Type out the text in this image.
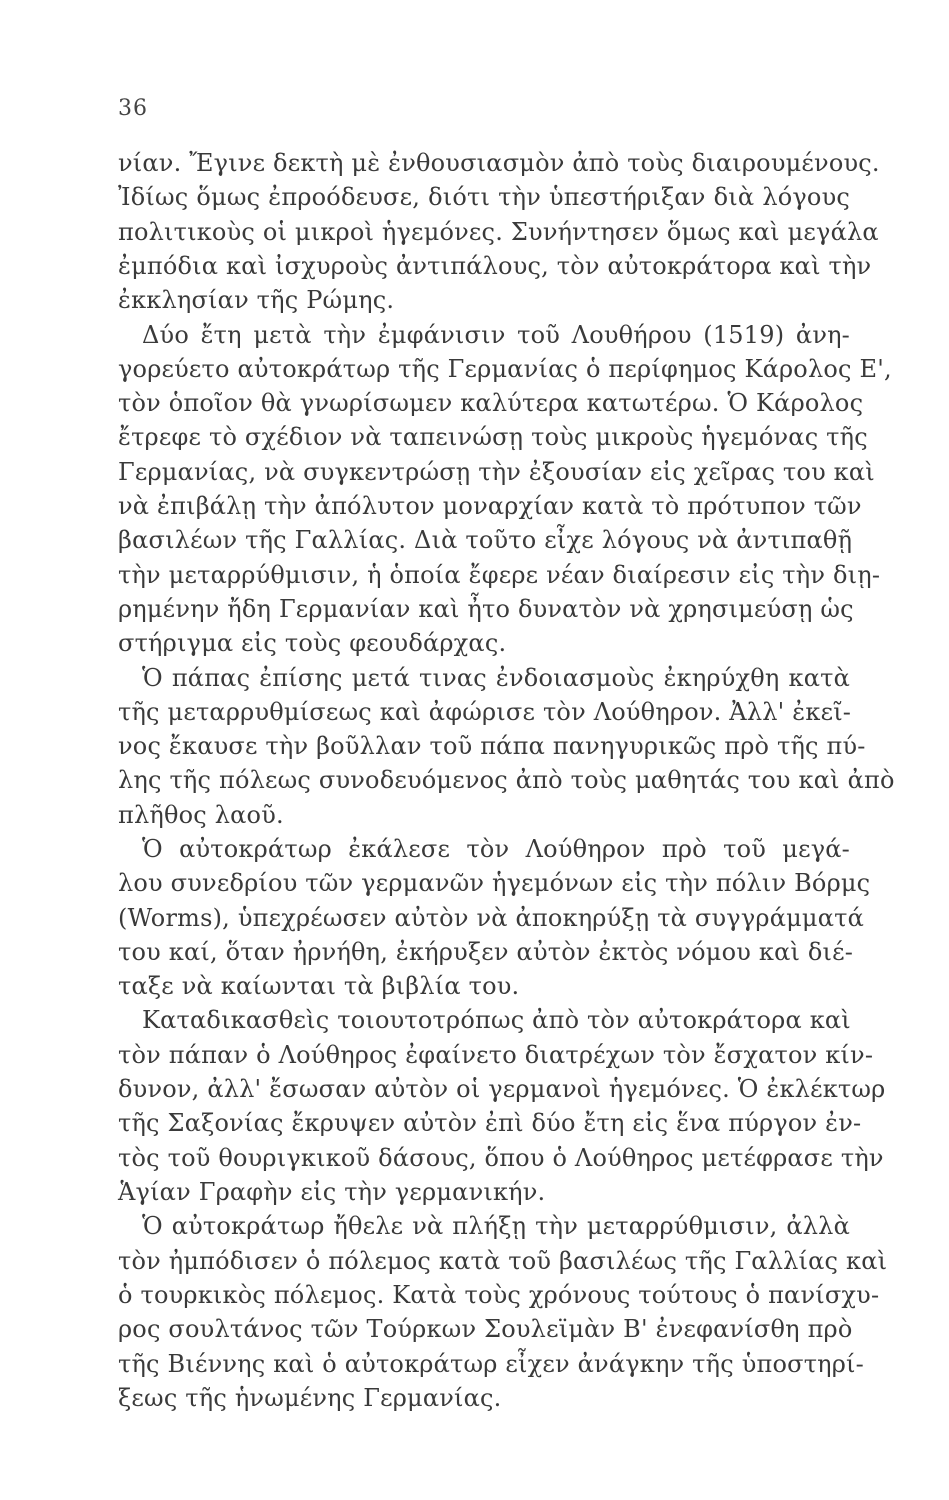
36
νίαν. Ἔγινε δεκτὴ μὲ ἐνθουσιασμὸν ἀπὸ τοὺς διαιρουμένους.
Ἰδίως ὅμως ἐπροόδευσε, διότι τὴν ὑπεστήριξαν διὰ λόγους
πολιτικοὺς οἱ μικροὶ ἡγεμόνες. Συνήντησεν ὅμως καὶ μεγάλα
ἐμπόδια καὶ ἰσχυροὺς ἀντιπάλους, τὸν αὐτοκράτορα καὶ τὴν
ἐκκλησίαν τῆς Ρώμης.
Δύο ἔτη μετὰ τὴν ἐμφάνισιν τοῦ Λουθήρου (1519) ἀνη-
γορεύετο αὐτοκράτωρ τῆς Γερμανίας ὁ περίφημος Κάρολος Ε',
τὸν ὁποῖον θὰ γνωρίσωμεν καλύτερα κατωτέρω. Ὁ Κάρολος
ἔτρεφε τὸ σχέδιον νὰ ταπεινώσῃ τοὺς μικροὺς ἡγεμόνας τῆς
Γερμανίας, νὰ συγκεντρώσῃ τὴν ἐξουσίαν εἰς χεῖρας του καὶ
νὰ ἐπιβάλῃ τὴν ἀπόλυτον μοναρχίαν κατὰ τὸ πρότυπον τῶν
βασιλέων τῆς Γαλλίας. Διὰ τοῦτο εἶχε λόγους νὰ ἀντιπαθῇ
τὴν μεταρρύθμισιν, ἡ ὁποία ἔφερε νέαν διαίρεσιν εἰς τὴν διῃ-
ρημένην ἤδη Γερμανίαν καὶ ἦτο δυνατὸν νὰ χρησιμεύσῃ ὡς
στήριγμα εἰς τοὺς φεουδάρχας.
Ὁ πάπας ἐπίσης μετά τινας ἐνδοιασμοὺς ἐκηρύχθη κατὰ
τῆς μεταρρυθμίσεως καὶ ἀφώρισε τὸν Λούθηρον. Ἀλλ' ἐκεῖ-
νος ἔκαυσε τὴν βοῦλλαν τοῦ πάπα πανηγυρικῶς πρὸ τῆς πύ-
λης τῆς πόλεως συνοδευόμενος ἀπὸ τοὺς μαθητάς του καὶ ἀπὸ
πλῆθος λαοῦ.
Ὁ αὐτοκράτωρ ἐκάλεσε τὸν Λούθηρον πρὸ τοῦ μεγά-
λου συνεδρίου τῶν γερμανῶν ἡγεμόνων εἰς τὴν πόλιν Βόρμς
(Worms), ὑπεχρέωσεν αὐτὸν νὰ ἀποκηρύξῃ τὰ συγγράμματά
του καί, ὅταν ἠρνήθη, ἐκήρυξεν αὐτὸν ἐκτὸς νόμου καὶ διέ-
ταξε νὰ καίωνται τὰ βιβλία του.
Καταδικασθεὶς τοιουτοτρόπως ἀπὸ τὸν αὐτοκράτορα καὶ
τὸν πάπαν ὁ Λούθηρος ἐφαίνετο διατρέχων τὸν ἔσχατον κίν-
δυνον, ἀλλ' ἔσωσαν αὐτὸν οἱ γερμανοὶ ἡγεμόνες. Ὁ ἐκλέκτωρ
τῆς Σαξονίας ἔκρυψεν αὐτὸν ἐπὶ δύο ἔτη εἰς ἕνα πύργον ἐν-
τὸς τοῦ θουριγκικοῦ δάσους, ὅπου ὁ Λούθηρος μετέφρασε τὴν
Ἁγίαν Γραφὴν εἰς τὴν γερμανικήν.
Ὁ αὐτοκράτωρ ἤθελε νὰ πλήξῃ τὴν μεταρρύθμισιν, ἀλλὰ
τὸν ἠμπόδισεν ὁ πόλεμος κατὰ τοῦ βασιλέως τῆς Γαλλίας καὶ
ὁ τουρκικὸς πόλεμος. Κατὰ τοὺς χρόνους τούτους ὁ πανίσχυ-
ρος σουλτάνος τῶν Τούρκων Σουλεϊμὰν Β' ἐνεφανίσθη πρὸ
τῆς Βιέννης καὶ ὁ αὐτοκράτωρ εἶχεν ἀνάγκην τῆς ὑποστηρί-
ξεως τῆς ἡνωμένης Γερμανίας.
